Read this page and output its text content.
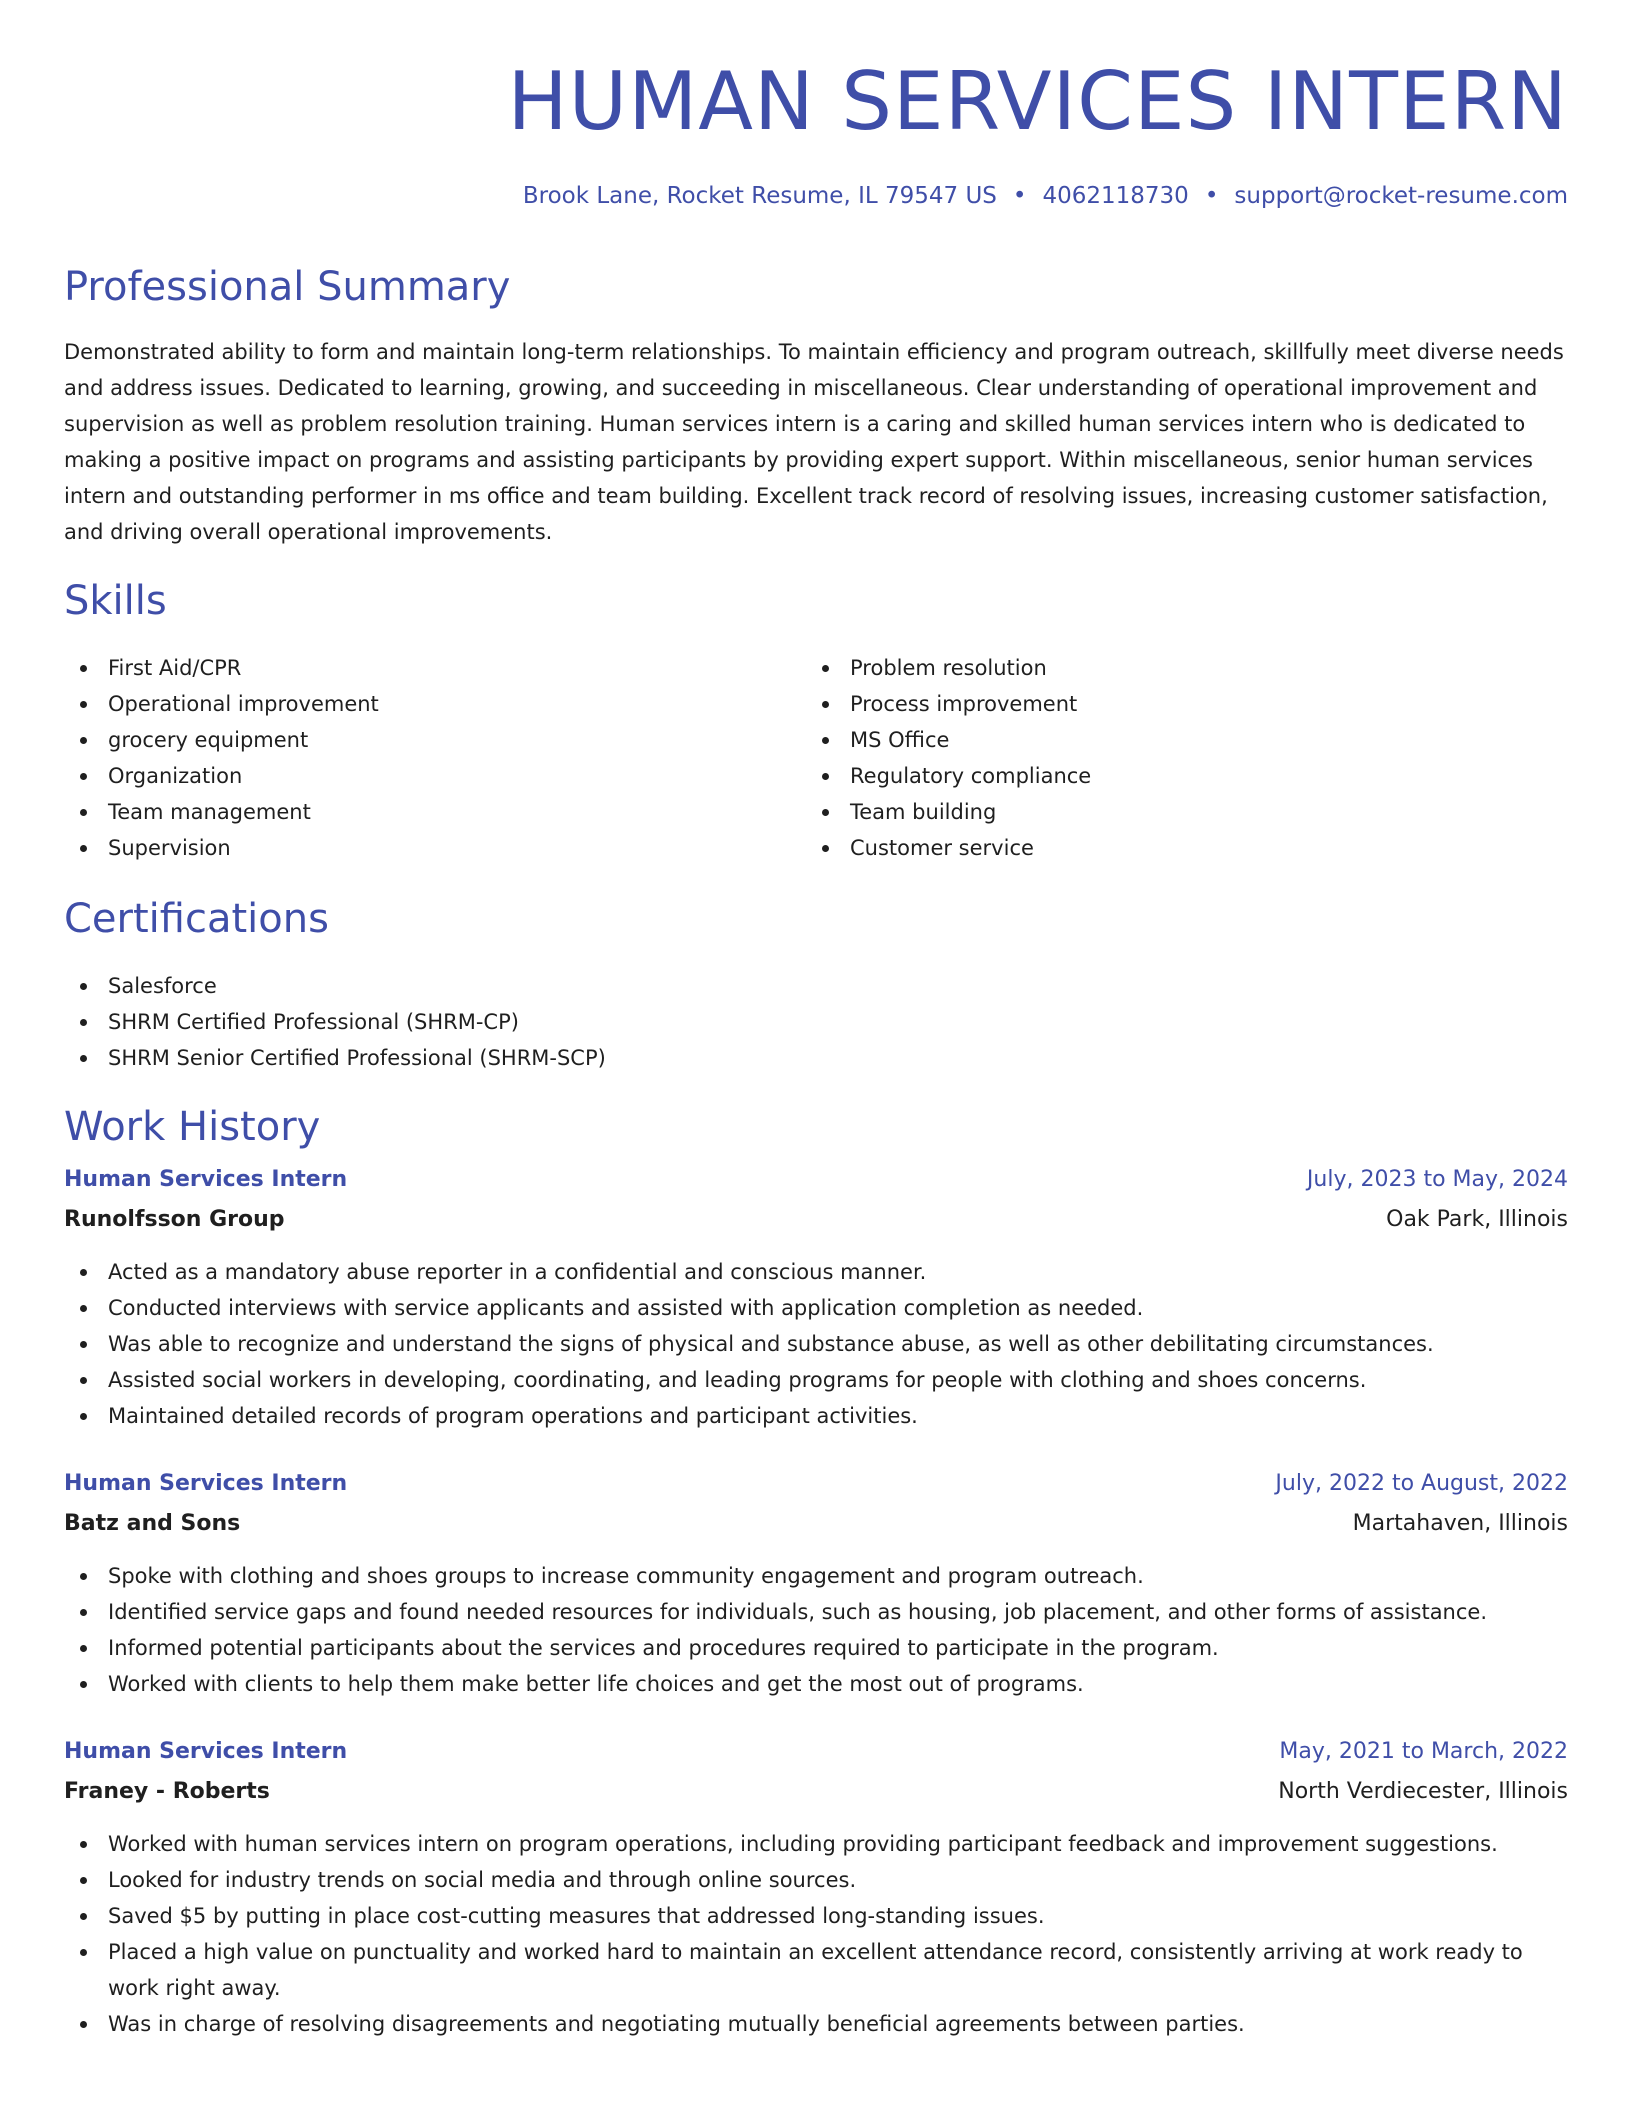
HUMAN SERVICES INTERN
Brook Lane, Rocket Resume, IL 79547 US • 4062118730 • support@rocket-resume.com
Professional Summary

Demonstrated ability to form and maintain long-term relationships. To maintain efficiency and program outreach, skillfully meet diverse needs and address issues. Dedicated to learning, growing, and succeeding in miscellaneous. Clear understanding of operational improvement and supervision as well as problem resolution training. Human services intern is a caring and skilled human services intern who is dedicated to making a positive impact on programs and assisting participants by providing expert support. Within miscellaneous, senior human services intern and outstanding performer in ms office and team building. Excellent track record of resolving issues, increasing customer satisfaction, and driving overall operational improvements.

Skills
First Aid/CPR
Operational improvement
grocery equipment
Organization
Team management
Supervision
Problem resolution
Process improvement
MS Office
Regulatory compliance
Team building
Customer service
Certifications
Salesforce
SHRM Certified Professional (SHRM-CP)
SHRM Senior Certified Professional (SHRM-SCP)
Work History
Human Services Intern	July, 2023 to May, 2024
Runolfsson Group	Oak Park, Illinois
Acted as a mandatory abuse reporter in a confidential and conscious manner.
Conducted interviews with service applicants and assisted with application completion as needed.
Was able to recognize and understand the signs of physical and substance abuse, as well as other debilitating circumstances.
Assisted social workers in developing, coordinating, and leading programs for people with clothing and shoes concerns.
Maintained detailed records of program operations and participant activities.
Human Services Intern	July, 2022 to August, 2022
Batz and Sons	Martahaven, Illinois
Spoke with clothing and shoes groups to increase community engagement and program outreach.
Identified service gaps and found needed resources for individuals, such as housing, job placement, and other forms of assistance.
Informed potential participants about the services and procedures required to participate in the program.
Worked with clients to help them make better life choices and get the most out of programs.
Human Services Intern	May, 2021 to March, 2022
Franey - Roberts	North Verdiecester, Illinois
Worked with human services intern on program operations, including providing participant feedback and improvement suggestions.
Looked for industry trends on social media and through online sources.
Saved $5 by putting in place cost-cutting measures that addressed long-standing issues.
Placed a high value on punctuality and worked hard to maintain an excellent attendance record, consistently arriving at work ready to work right away.
Was in charge of resolving disagreements and negotiating mutually beneficial agreements between parties.
